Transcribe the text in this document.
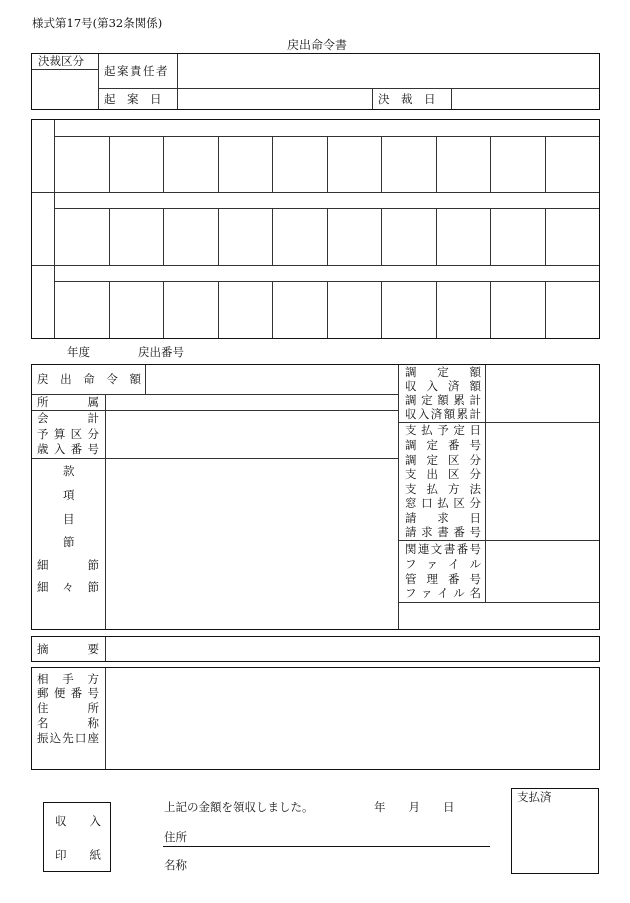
様式第17号(第32条関係)
戻出命令書
決裁区分
起案責任者
起　案　日	決　裁　日
年度	戻出番号
戻 出 命 令 額
所　　　属
会　　　計
予算区分
歳入番号
款
項
目
節
細　　節
細　々　節
調　定　額
収 入 済 額
調定額累計
収入済額累計
支払予定日
調 定 番 号
調 定 区 分
支 出 区 分
支 払 方 法
窓口払区分
請　求　日
請求書番号
関連文書番号
フ ァ イ ル
管 理 番 号
ファイル名
摘　　　要
相　手　方
郵便番号
住　　　所
名　　　称
振込先口座
収　　入
印　　紙
上記の金額を領収しました。	年　　月　　日
住所
名称
支払済
